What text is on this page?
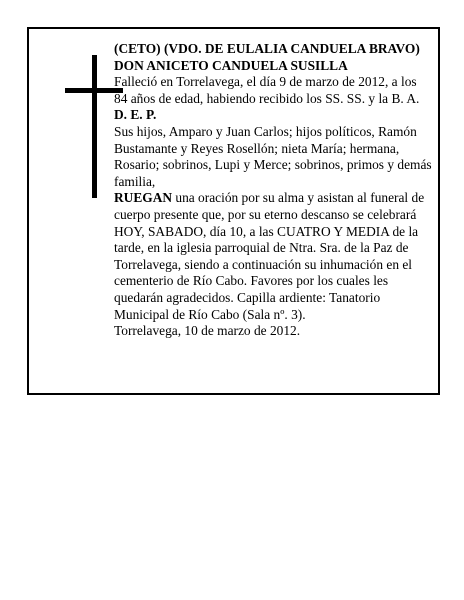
(CETO) (VDO. DE EULALIA CANDUELA BRAVO)

DON ANICETO CANDUELA SUSILLA

Falleció en Torrelavega, el día 9 de marzo de 2012, a los 84 años de edad, habiendo recibido los SS. SS. y la B. A.

D. E. P.

Sus hijos, Amparo y Juan Carlos; hijos políticos, Ramón Bustamante y Reyes Rosellón; nieta María; hermana, Rosario; sobrinos, Lupi y Merce; sobrinos, primos y demás familia,

RUEGAN una oración por su alma y asistan al funeral de cuerpo presente que, por su eterno descanso se celebrará HOY, SABADO, día 10, a las CUATRO Y MEDIA de la tarde, en la iglesia parroquial de Ntra. Sra. de la Paz de Torrelavega, siendo a continuación su inhumación en el cementerio de Río Cabo. Favores por los cuales les quedarán agradecidos. Capilla ardiente: Tanatorio Municipal de Río Cabo (Sala nº. 3).

Torrelavega, 10 de marzo de 2012.
